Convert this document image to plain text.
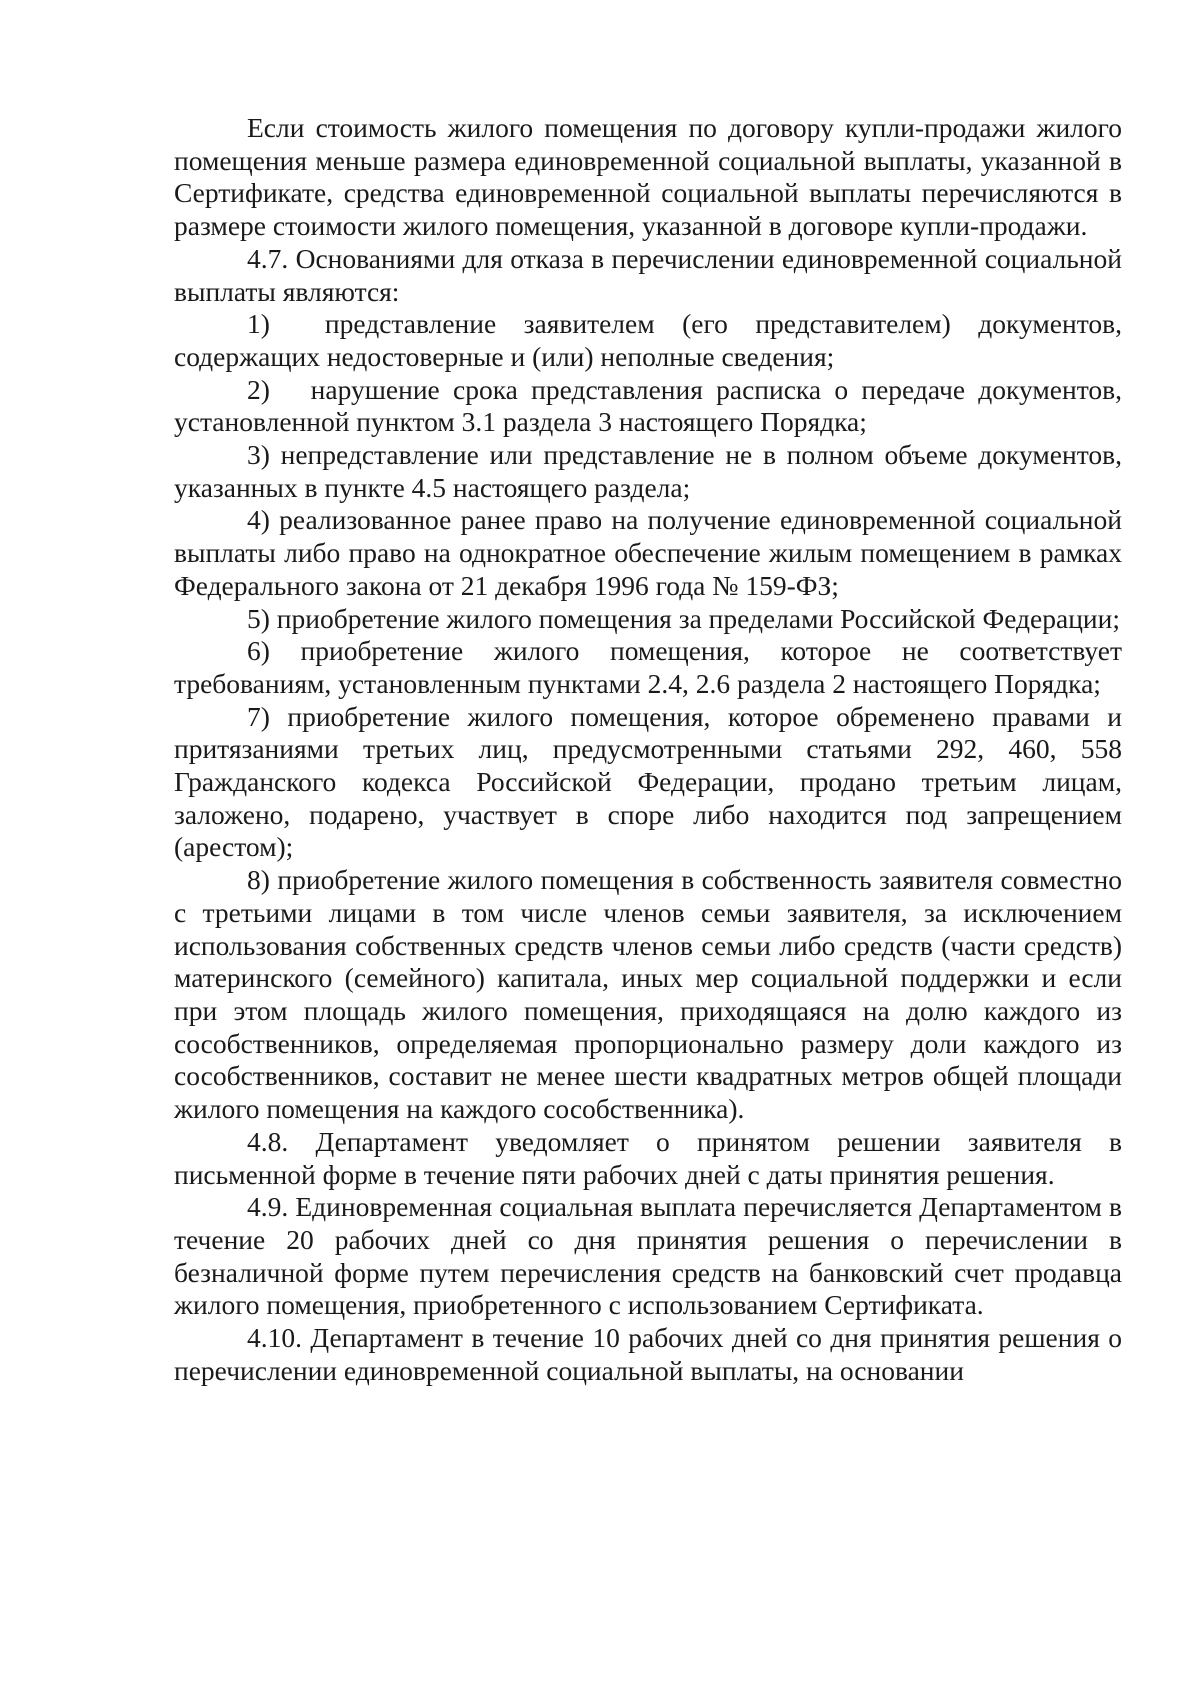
Если стоимость жилого помещения по договору купли-продажи жилого помещения меньше размера единовременной социальной выплаты, указанной в Сертификате, средства единовременной социальной выплаты перечисляются в размере стоимости жилого помещения, указанной в договоре купли-продажи.

4.7. Основаниями для отказа в перечислении единовременной социальной выплаты являются:

1)  представление заявителем (его представителем) документов, содержащих недостоверные и (или) неполные сведения;

2)  нарушение срока представления расписка о передаче документов, установленной пунктом 3.1 раздела 3 настоящего Порядка;

3) непредставление или представление не в полном объеме документов, указанных в пункте 4.5 настоящего раздела;

4) реализованное ранее право на получение единовременной социальной выплаты либо право на однократное обеспечение жилым помещением в рамках Федерального закона от 21 декабря 1996 года № 159-ФЗ;

5) приобретение жилого помещения за пределами Российской Федерации;

6) приобретение жилого помещения, которое не соответствует требованиям, установленным пунктами 2.4, 2.6 раздела 2 настоящего Порядка;

7) приобретение жилого помещения, которое обременено правами и притязаниями третьих лиц, предусмотренными статьями 292, 460, 558 Гражданского кодекса Российской Федерации, продано третьим лицам, заложено, подарено, участвует в споре либо находится под запрещением (арестом);

8) приобретение жилого помещения в собственность заявителя совместно с третьими лицами в том числе членов семьи заявителя, за исключением использования собственных средств членов семьи либо средств (части средств) материнского (семейного) капитала, иных мер социальной поддержки и если при этом площадь жилого помещения, приходящаяся на долю каждого из сособственников, определяемая пропорционально размеру доли каждого из сособственников, составит не менее шести квадратных метров общей площади жилого помещения на каждого сособственника).

4.8. Департамент уведомляет о принятом решении заявителя в письменной форме в течение пяти рабочих дней с даты принятия решения.

4.9. Единовременная социальная выплата перечисляется Департаментом в течение 20 рабочих дней со дня принятия решения о перечислении в безналичной форме путем перечисления средств на банковский счет продавца жилого помещения, приобретенного с использованием Сертификата.

4.10. Департамент в течение 10 рабочих дней со дня принятия решения о перечислении единовременной социальной выплаты, на основании
